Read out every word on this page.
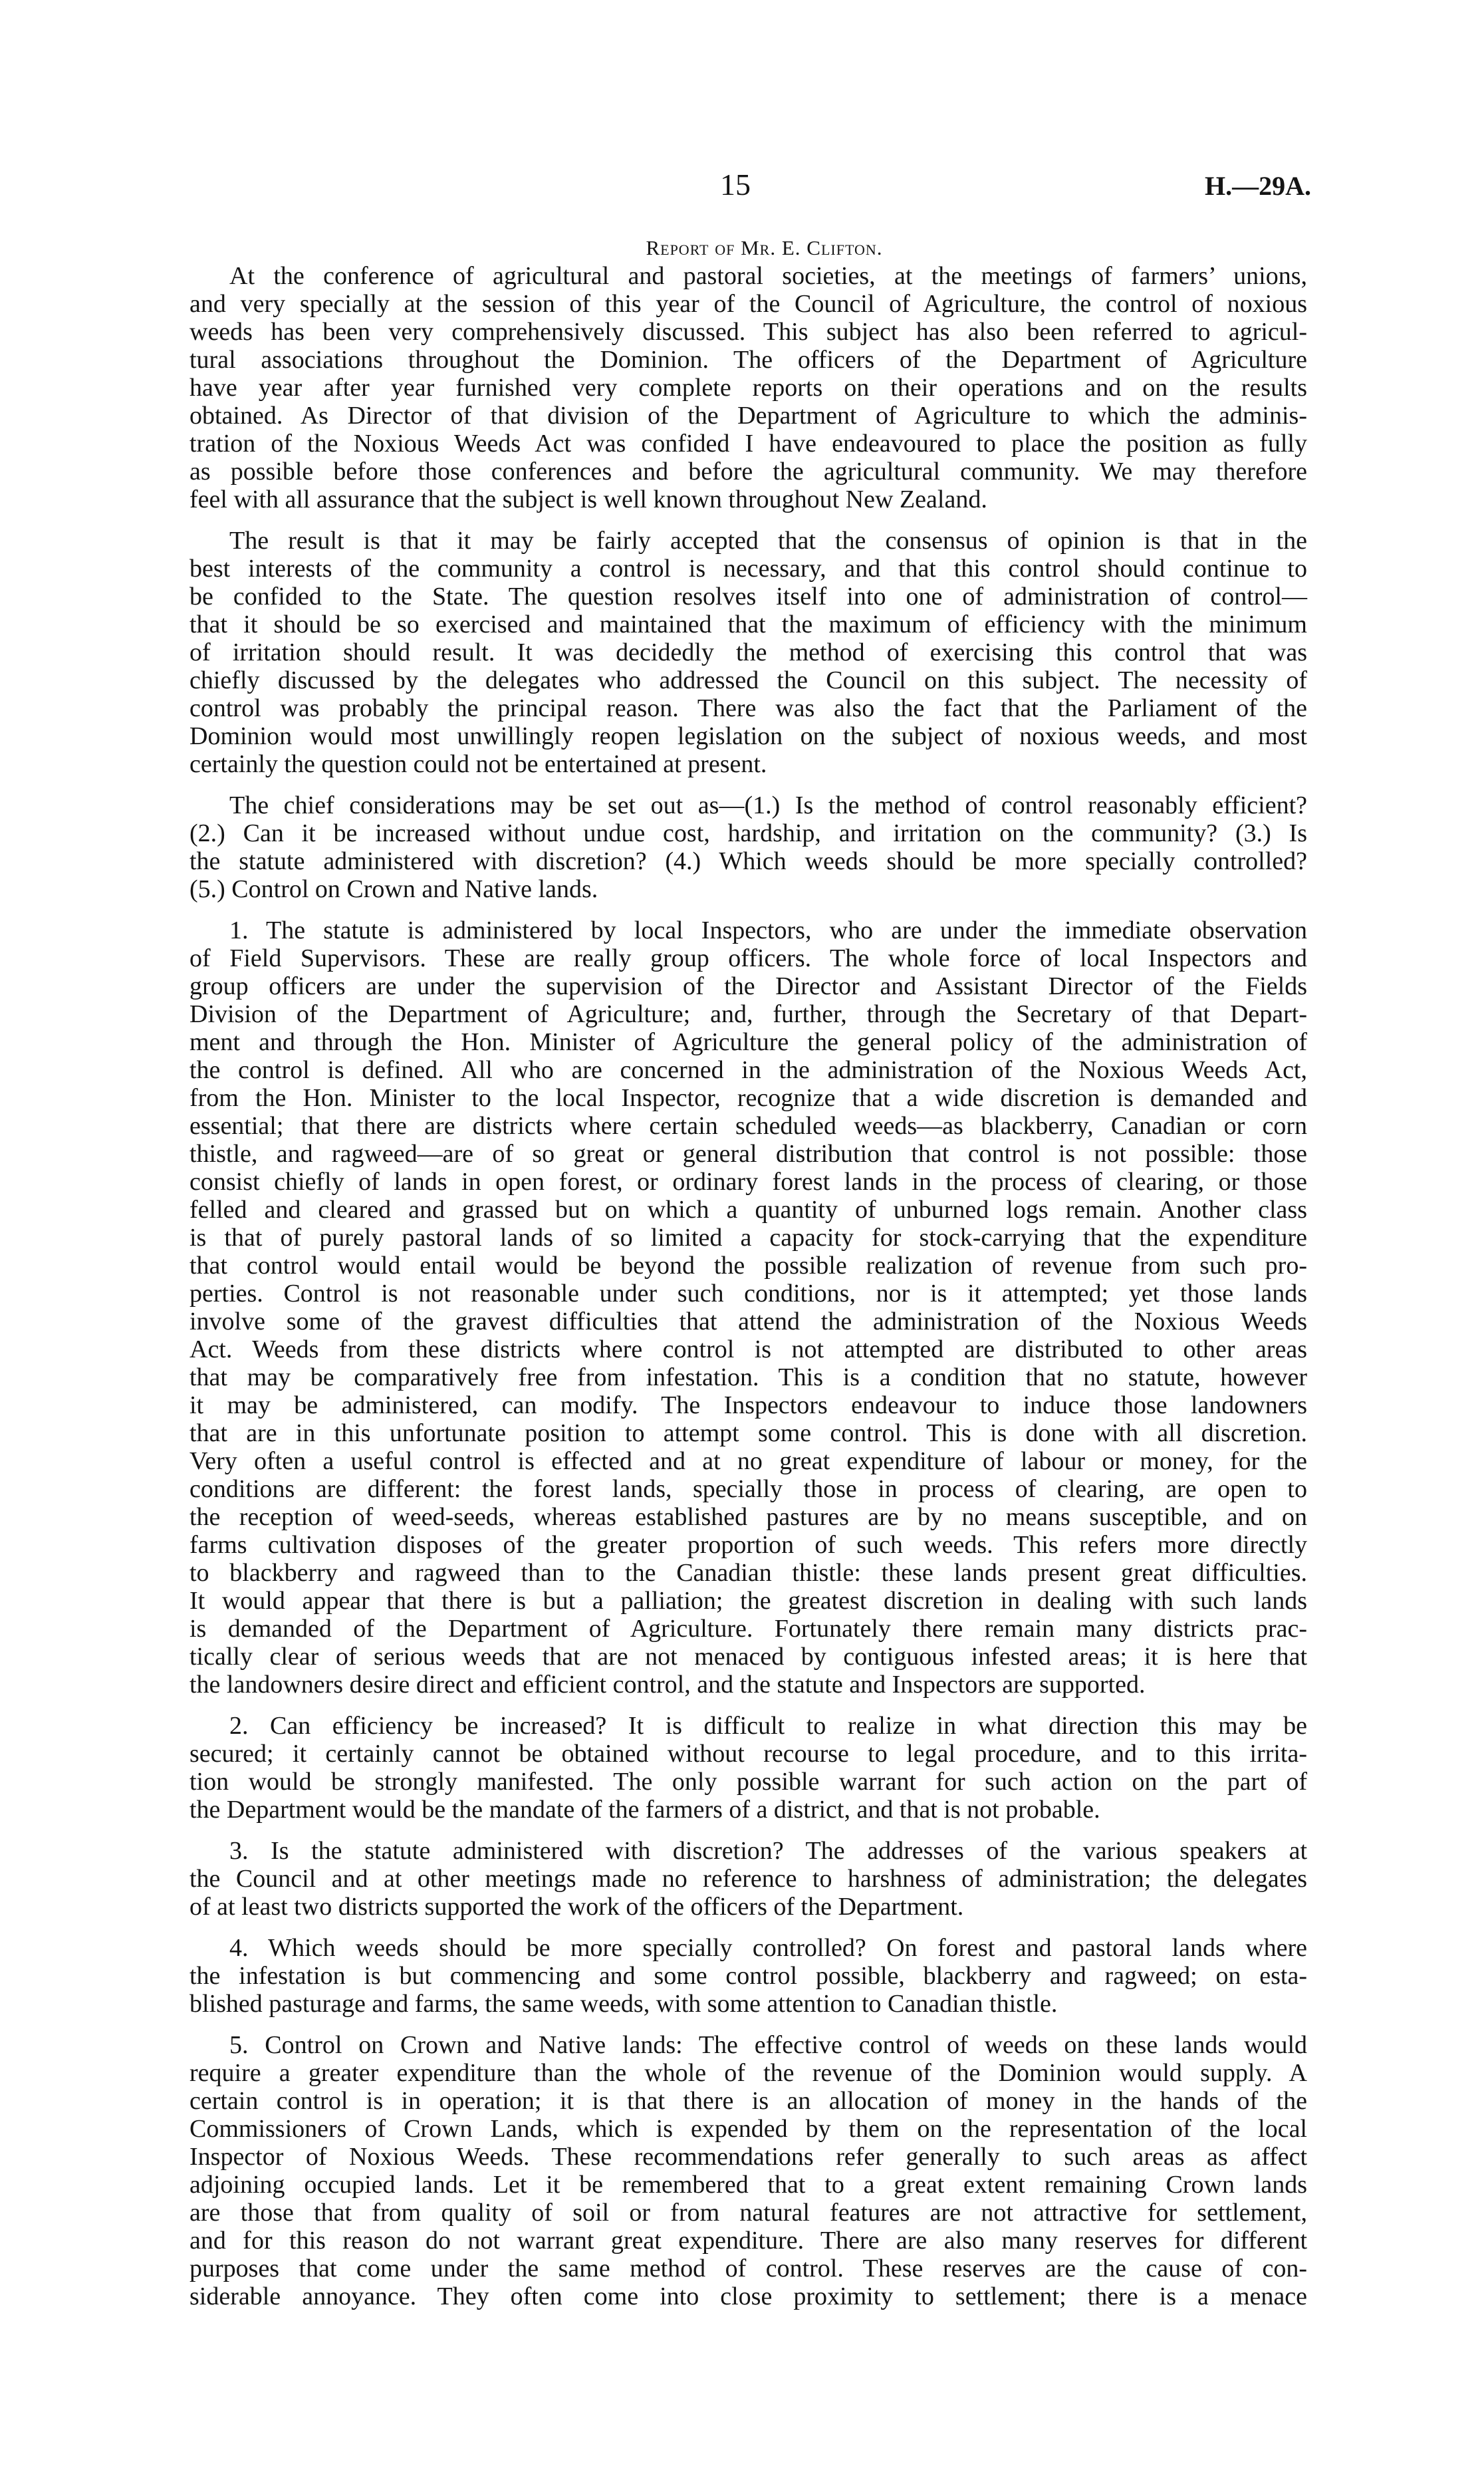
15	H.—29A.
Report of Mr. E. Clifton.
At the conference of agricultural and pastoral societies, at the meetings of farmers’ unions,
and very specially at the session of this year of the Council of Agriculture, the control of noxious
weeds has been very comprehensively discussed. This subject has also been referred to agricul-
tural associations throughout the Dominion. The officers of the Department of Agriculture
have year after year furnished very complete reports on their operations and on the results
obtained. As Director of that division of the Department of Agriculture to which the adminis-
tration of the Noxious Weeds Act was confided I have endeavoured to place the position as fully
as possible before those conferences and before the agricultural community. We may therefore
feel with all assurance that the subject is well known throughout New Zealand.
The result is that it may be fairly accepted that the consensus of opinion is that in the
best interests of the community a control is necessary, and that this control should continue to
be confided to the State. The question resolves itself into one of administration of control—
that it should be so exercised and maintained that the maximum of efficiency with the minimum
of irritation should result. It was decidedly the method of exercising this control that was
chiefly discussed by the delegates who addressed the Council on this subject. The necessity of
control was probably the principal reason. There was also the fact that the Parliament of the
Dominion would most unwillingly reopen legislation on the subject of noxious weeds, and most
certainly the question could not be entertained at present.
The chief considerations may be set out as—(1.) Is the method of control reasonably efficient?
(2.) Can it be increased without undue cost, hardship, and irritation on the community? (3.) Is
the statute administered with discretion? (4.) Which weeds should be more specially controlled?
(5.) Control on Crown and Native lands.
1. The statute is administered by local Inspectors, who are under the immediate observation
of Field Supervisors. These are really group officers. The whole force of local Inspectors and
group officers are under the supervision of the Director and Assistant Director of the Fields
Division of the Department of Agriculture; and, further, through the Secretary of that Depart-
ment and through the Hon. Minister of Agriculture the general policy of the administration of
the control is defined. All who are concerned in the administration of the Noxious Weeds Act,
from the Hon. Minister to the local Inspector, recognize that a wide discretion is demanded and
essential; that there are districts where certain scheduled weeds—as blackberry, Canadian or corn
thistle, and ragweed—are of so great or general distribution that control is not possible: those
consist chiefly of lands in open forest, or ordinary forest lands in the process of clearing, or those
felled and cleared and grassed but on which a quantity of unburned logs remain. Another class
is that of purely pastoral lands of so limited a capacity for stock-carrying that the expenditure
that control would entail would be beyond the possible realization of revenue from such pro-
perties. Control is not reasonable under such conditions, nor is it attempted; yet those lands
involve some of the gravest difficulties that attend the administration of the Noxious Weeds
Act. Weeds from these districts where control is not attempted are distributed to other areas
that may be comparatively free from infestation. This is a condition that no statute, however
it may be administered, can modify. The Inspectors endeavour to induce those landowners
that are in this unfortunate position to attempt some control. This is done with all discretion.
Very often a useful control is effected and at no great expenditure of labour or money, for the
conditions are different: the forest lands, specially those in process of clearing, are open to
the reception of weed-seeds, whereas established pastures are by no means susceptible, and on
farms cultivation disposes of the greater proportion of such weeds. This refers more directly
to blackberry and ragweed than to the Canadian thistle: these lands present great difficulties.
It would appear that there is but a palliation; the greatest discretion in dealing with such lands
is demanded of the Department of Agriculture. Fortunately there remain many districts prac-
tically clear of serious weeds that are not menaced by contiguous infested areas; it is here that
the landowners desire direct and efficient control, and the statute and Inspectors are supported.
2. Can efficiency be increased? It is difficult to realize in what direction this may be
secured; it certainly cannot be obtained without recourse to legal procedure, and to this irrita-
tion would be strongly manifested. The only possible warrant for such action on the part of
the Department would be the mandate of the farmers of a district, and that is not probable.
3. Is the statute administered with discretion? The addresses of the various speakers at
the Council and at other meetings made no reference to harshness of administration; the delegates
of at least two districts supported the work of the officers of the Department.
4. Which weeds should be more specially controlled? On forest and pastoral lands where
the infestation is but commencing and some control possible, blackberry and ragweed; on esta-
blished pasturage and farms, the same weeds, with some attention to Canadian thistle.
5. Control on Crown and Native lands: The effective control of weeds on these lands would
require a greater expenditure than the whole of the revenue of the Dominion would supply. A
certain control is in operation; it is that there is an allocation of money in the hands of the
Commissioners of Crown Lands, which is expended by them on the representation of the local
Inspector of Noxious Weeds. These recommendations refer generally to such areas as affect
adjoining occupied lands. Let it be remembered that to a great extent remaining Crown lands
are those that from quality of soil or from natural features are not attractive for settlement,
and for this reason do not warrant great expenditure. There are also many reserves for different
purposes that come under the same method of control. These reserves are the cause of con-
siderable annoyance. They often come into close proximity to settlement; there is a menace
